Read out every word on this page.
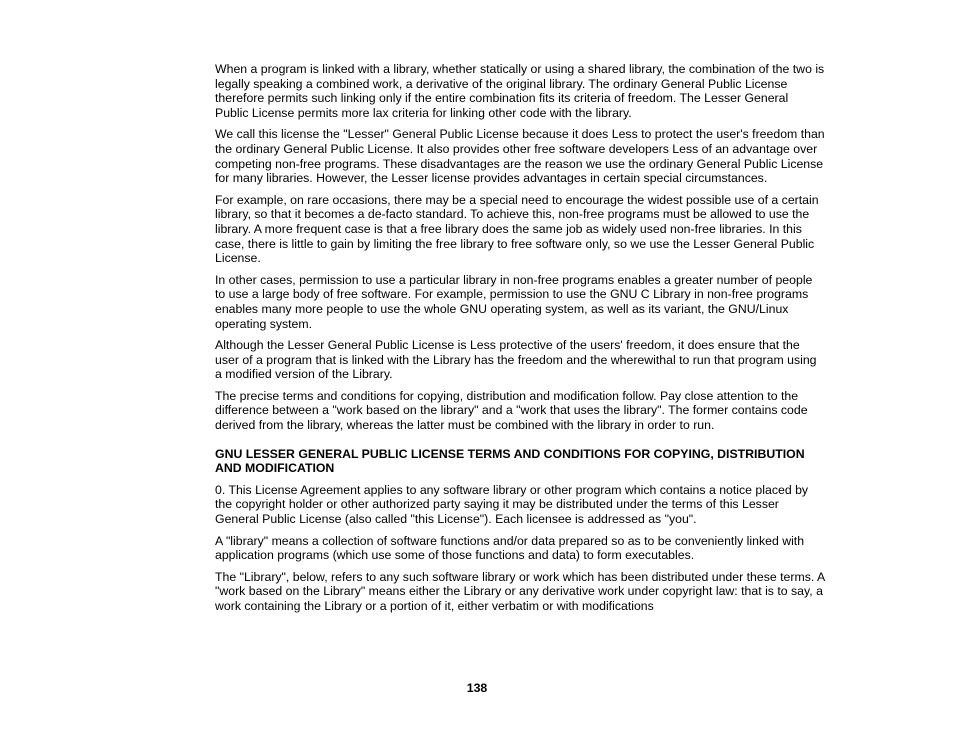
When a program is linked with a library, whether statically or using a shared library, the combination of the two is legally speaking a combined work, a derivative of the original library. The ordinary General Public License therefore permits such linking only if the entire combination fits its criteria of freedom. The Lesser General Public License permits more lax criteria for linking other code with the library.

We call this license the "Lesser" General Public License because it does Less to protect the user's freedom than the ordinary General Public License. It also provides other free software developers Less of an advantage over competing non-free programs. These disadvantages are the reason we use the ordinary General Public License for many libraries. However, the Lesser license provides advantages in certain special circumstances.

For example, on rare occasions, there may be a special need to encourage the widest possible use of a certain library, so that it becomes a de-facto standard. To achieve this, non-free programs must be allowed to use the library. A more frequent case is that a free library does the same job as widely used non-free libraries. In this case, there is little to gain by limiting the free library to free software only, so we use the Lesser General Public License.

In other cases, permission to use a particular library in non-free programs enables a greater number of people to use a large body of free software. For example, permission to use the GNU C Library in non-free programs enables many more people to use the whole GNU operating system, as well as its variant, the GNU/Linux operating system.

Although the Lesser General Public License is Less protective of the users' freedom, it does ensure that the user of a program that is linked with the Library has the freedom and the wherewithal to run that program using a modified version of the Library.

The precise terms and conditions for copying, distribution and modification follow. Pay close attention to the difference between a "work based on the library" and a "work that uses the library". The former contains code derived from the library, whereas the latter must be combined with the library in order to run.

GNU LESSER GENERAL PUBLIC LICENSE TERMS AND CONDITIONS FOR COPYING, DISTRIBUTION AND MODIFICATION

0. This License Agreement applies to any software library or other program which contains a notice placed by the copyright holder or other authorized party saying it may be distributed under the terms of this Lesser General Public License (also called "this License"). Each licensee is addressed as "you".

A "library" means a collection of software functions and/or data prepared so as to be conveniently linked with application programs (which use some of those functions and data) to form executables.

The "Library", below, refers to any such software library or work which has been distributed under these terms. A "work based on the Library" means either the Library or any derivative work under copyright law: that is to say, a work containing the Library or a portion of it, either verbatim or with modifications

138
